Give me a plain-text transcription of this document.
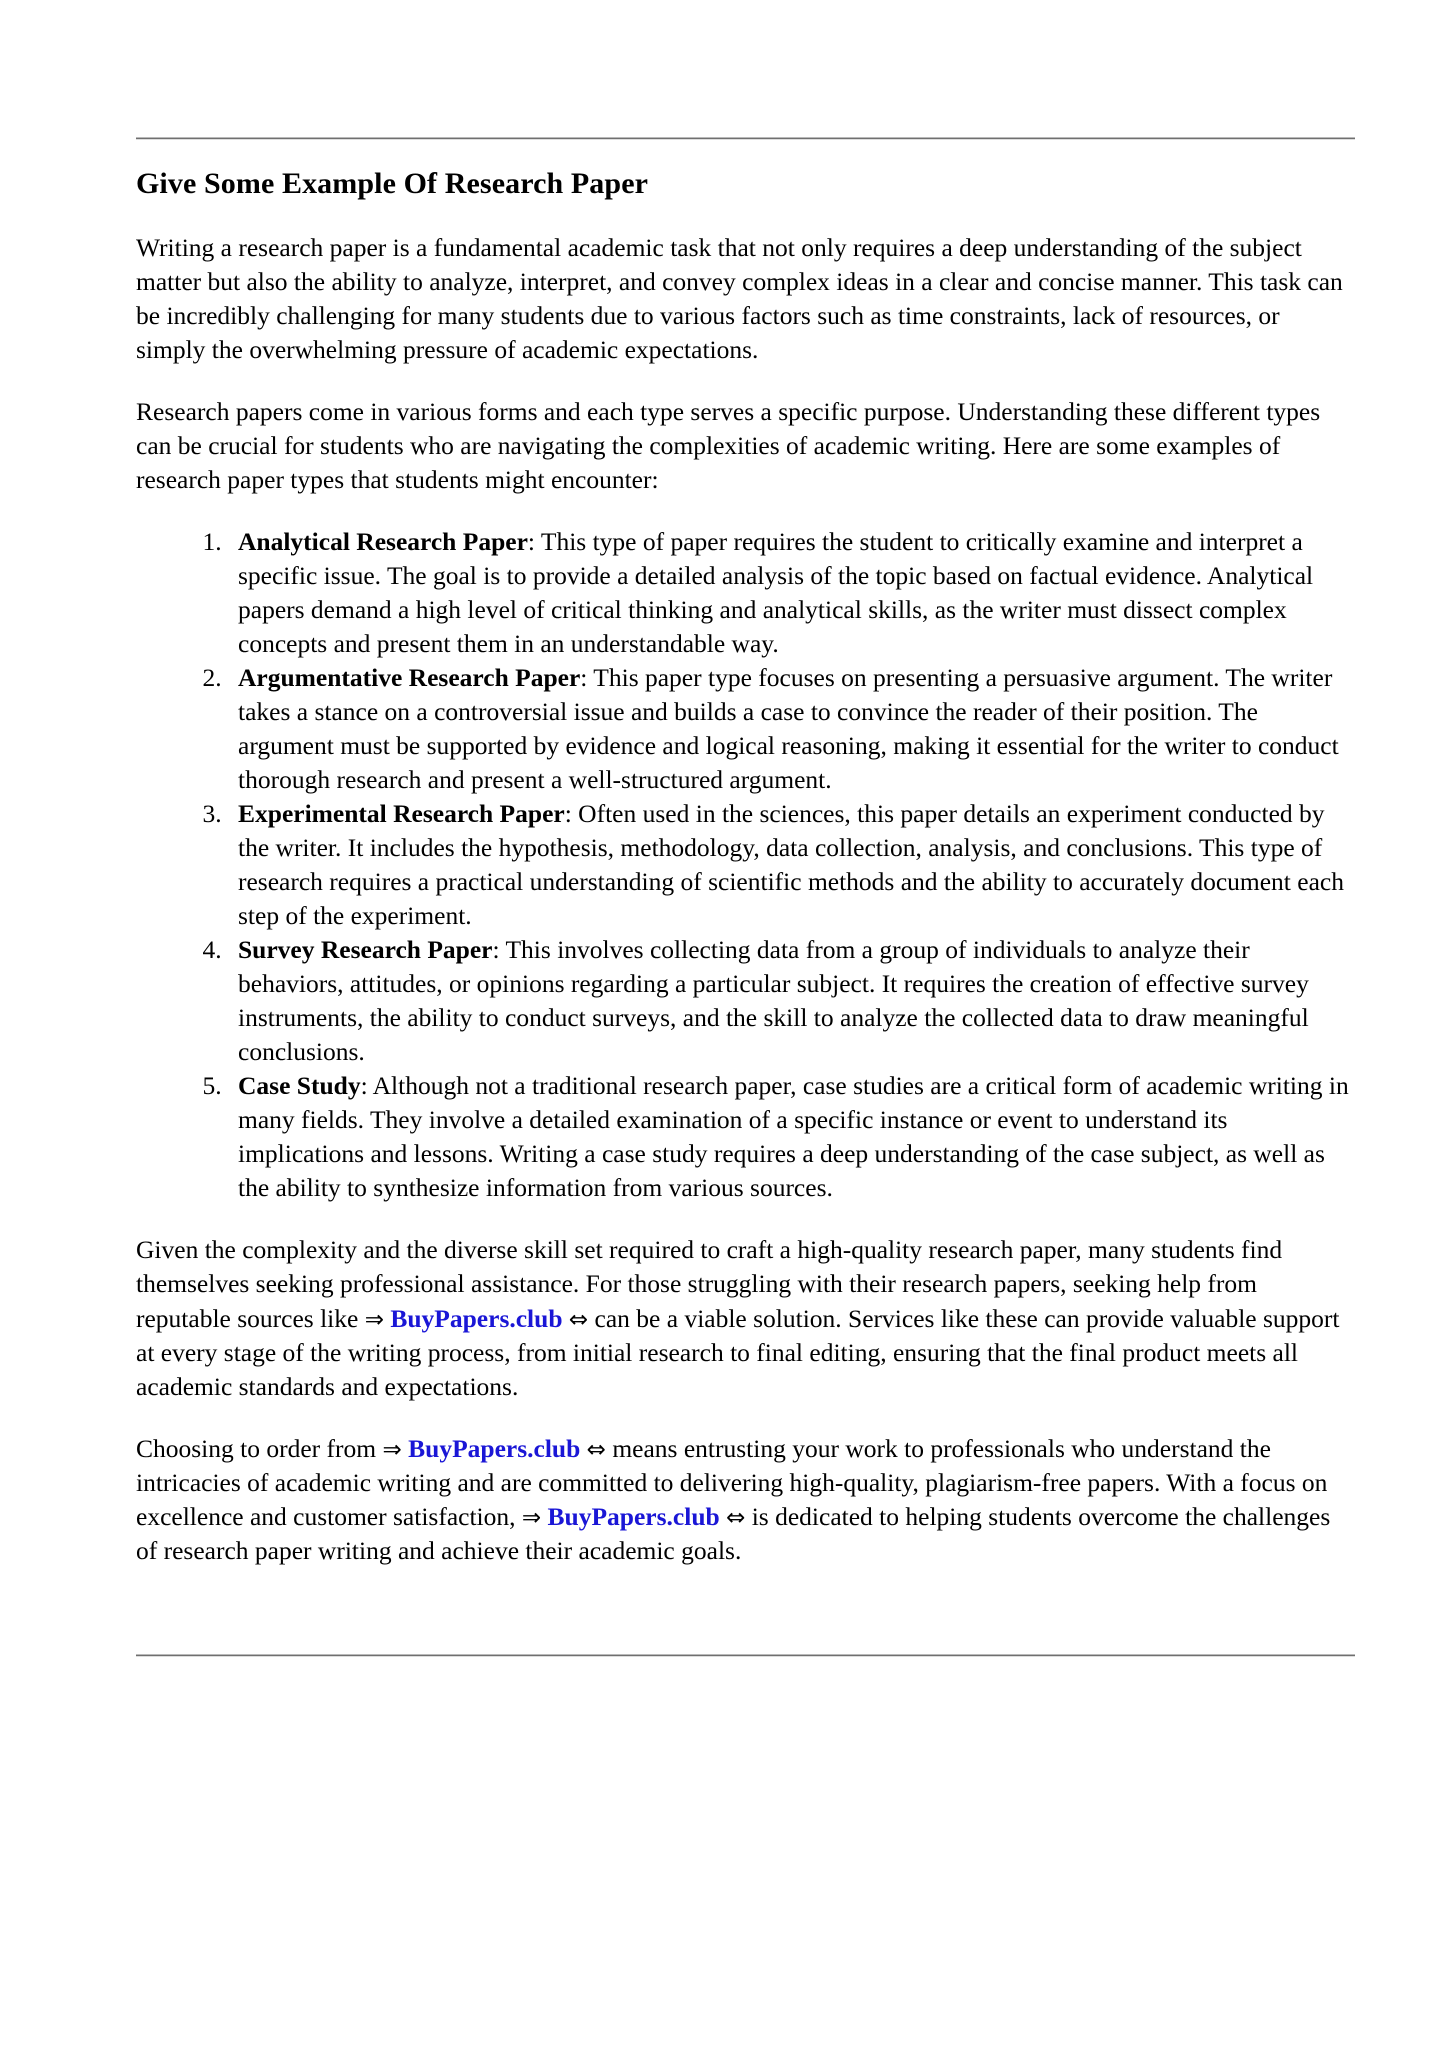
Give Some Example Of Research Paper

Writing a research paper is a fundamental academic task that not only requires a deep understanding of the subject matter but also the ability to analyze, interpret, and convey complex ideas in a clear and concise manner. This task can be incredibly challenging for many students due to various factors such as time constraints, lack of resources, or simply the overwhelming pressure of academic expectations.

Research papers come in various forms and each type serves a specific purpose. Understanding these different types can be crucial for students who are navigating the complexities of academic writing. Here are some examples of research paper types that students might encounter:

1. Analytical Research Paper: This type of paper requires the student to critically examine and interpret a specific issue. The goal is to provide a detailed analysis of the topic based on factual evidence. Analytical papers demand a high level of critical thinking and analytical skills, as the writer must dissect complex concepts and present them in an understandable way.
2. Argumentative Research Paper: This paper type focuses on presenting a persuasive argument. The writer takes a stance on a controversial issue and builds a case to convince the reader of their position. The argument must be supported by evidence and logical reasoning, making it essential for the writer to conduct thorough research and present a well-structured argument.
3. Experimental Research Paper: Often used in the sciences, this paper details an experiment conducted by the writer. It includes the hypothesis, methodology, data collection, analysis, and conclusions. This type of research requires a practical understanding of scientific methods and the ability to accurately document each step of the experiment.
4. Survey Research Paper: This involves collecting data from a group of individuals to analyze their behaviors, attitudes, or opinions regarding a particular subject. It requires the creation of effective survey instruments, the ability to conduct surveys, and the skill to analyze the collected data to draw meaningful conclusions.
5. Case Study: Although not a traditional research paper, case studies are a critical form of academic writing in many fields. They involve a detailed examination of a specific instance or event to understand its implications and lessons. Writing a case study requires a deep understanding of the case subject, as well as the ability to synthesize information from various sources.

Given the complexity and the diverse skill set required to craft a high-quality research paper, many students find themselves seeking professional assistance. For those struggling with their research papers, seeking help from reputable sources like ⇒ BuyPapers.club ⇔ can be a viable solution. Services like these can provide valuable support at every stage of the writing process, from initial research to final editing, ensuring that the final product meets all academic standards and expectations.

Choosing to order from ⇒ BuyPapers.club ⇔ means entrusting your work to professionals who understand the intricacies of academic writing and are committed to delivering high-quality, plagiarism-free papers. With a focus on excellence and customer satisfaction, ⇒ BuyPapers.club ⇔ is dedicated to helping students overcome the challenges of research paper writing and achieve their academic goals.
